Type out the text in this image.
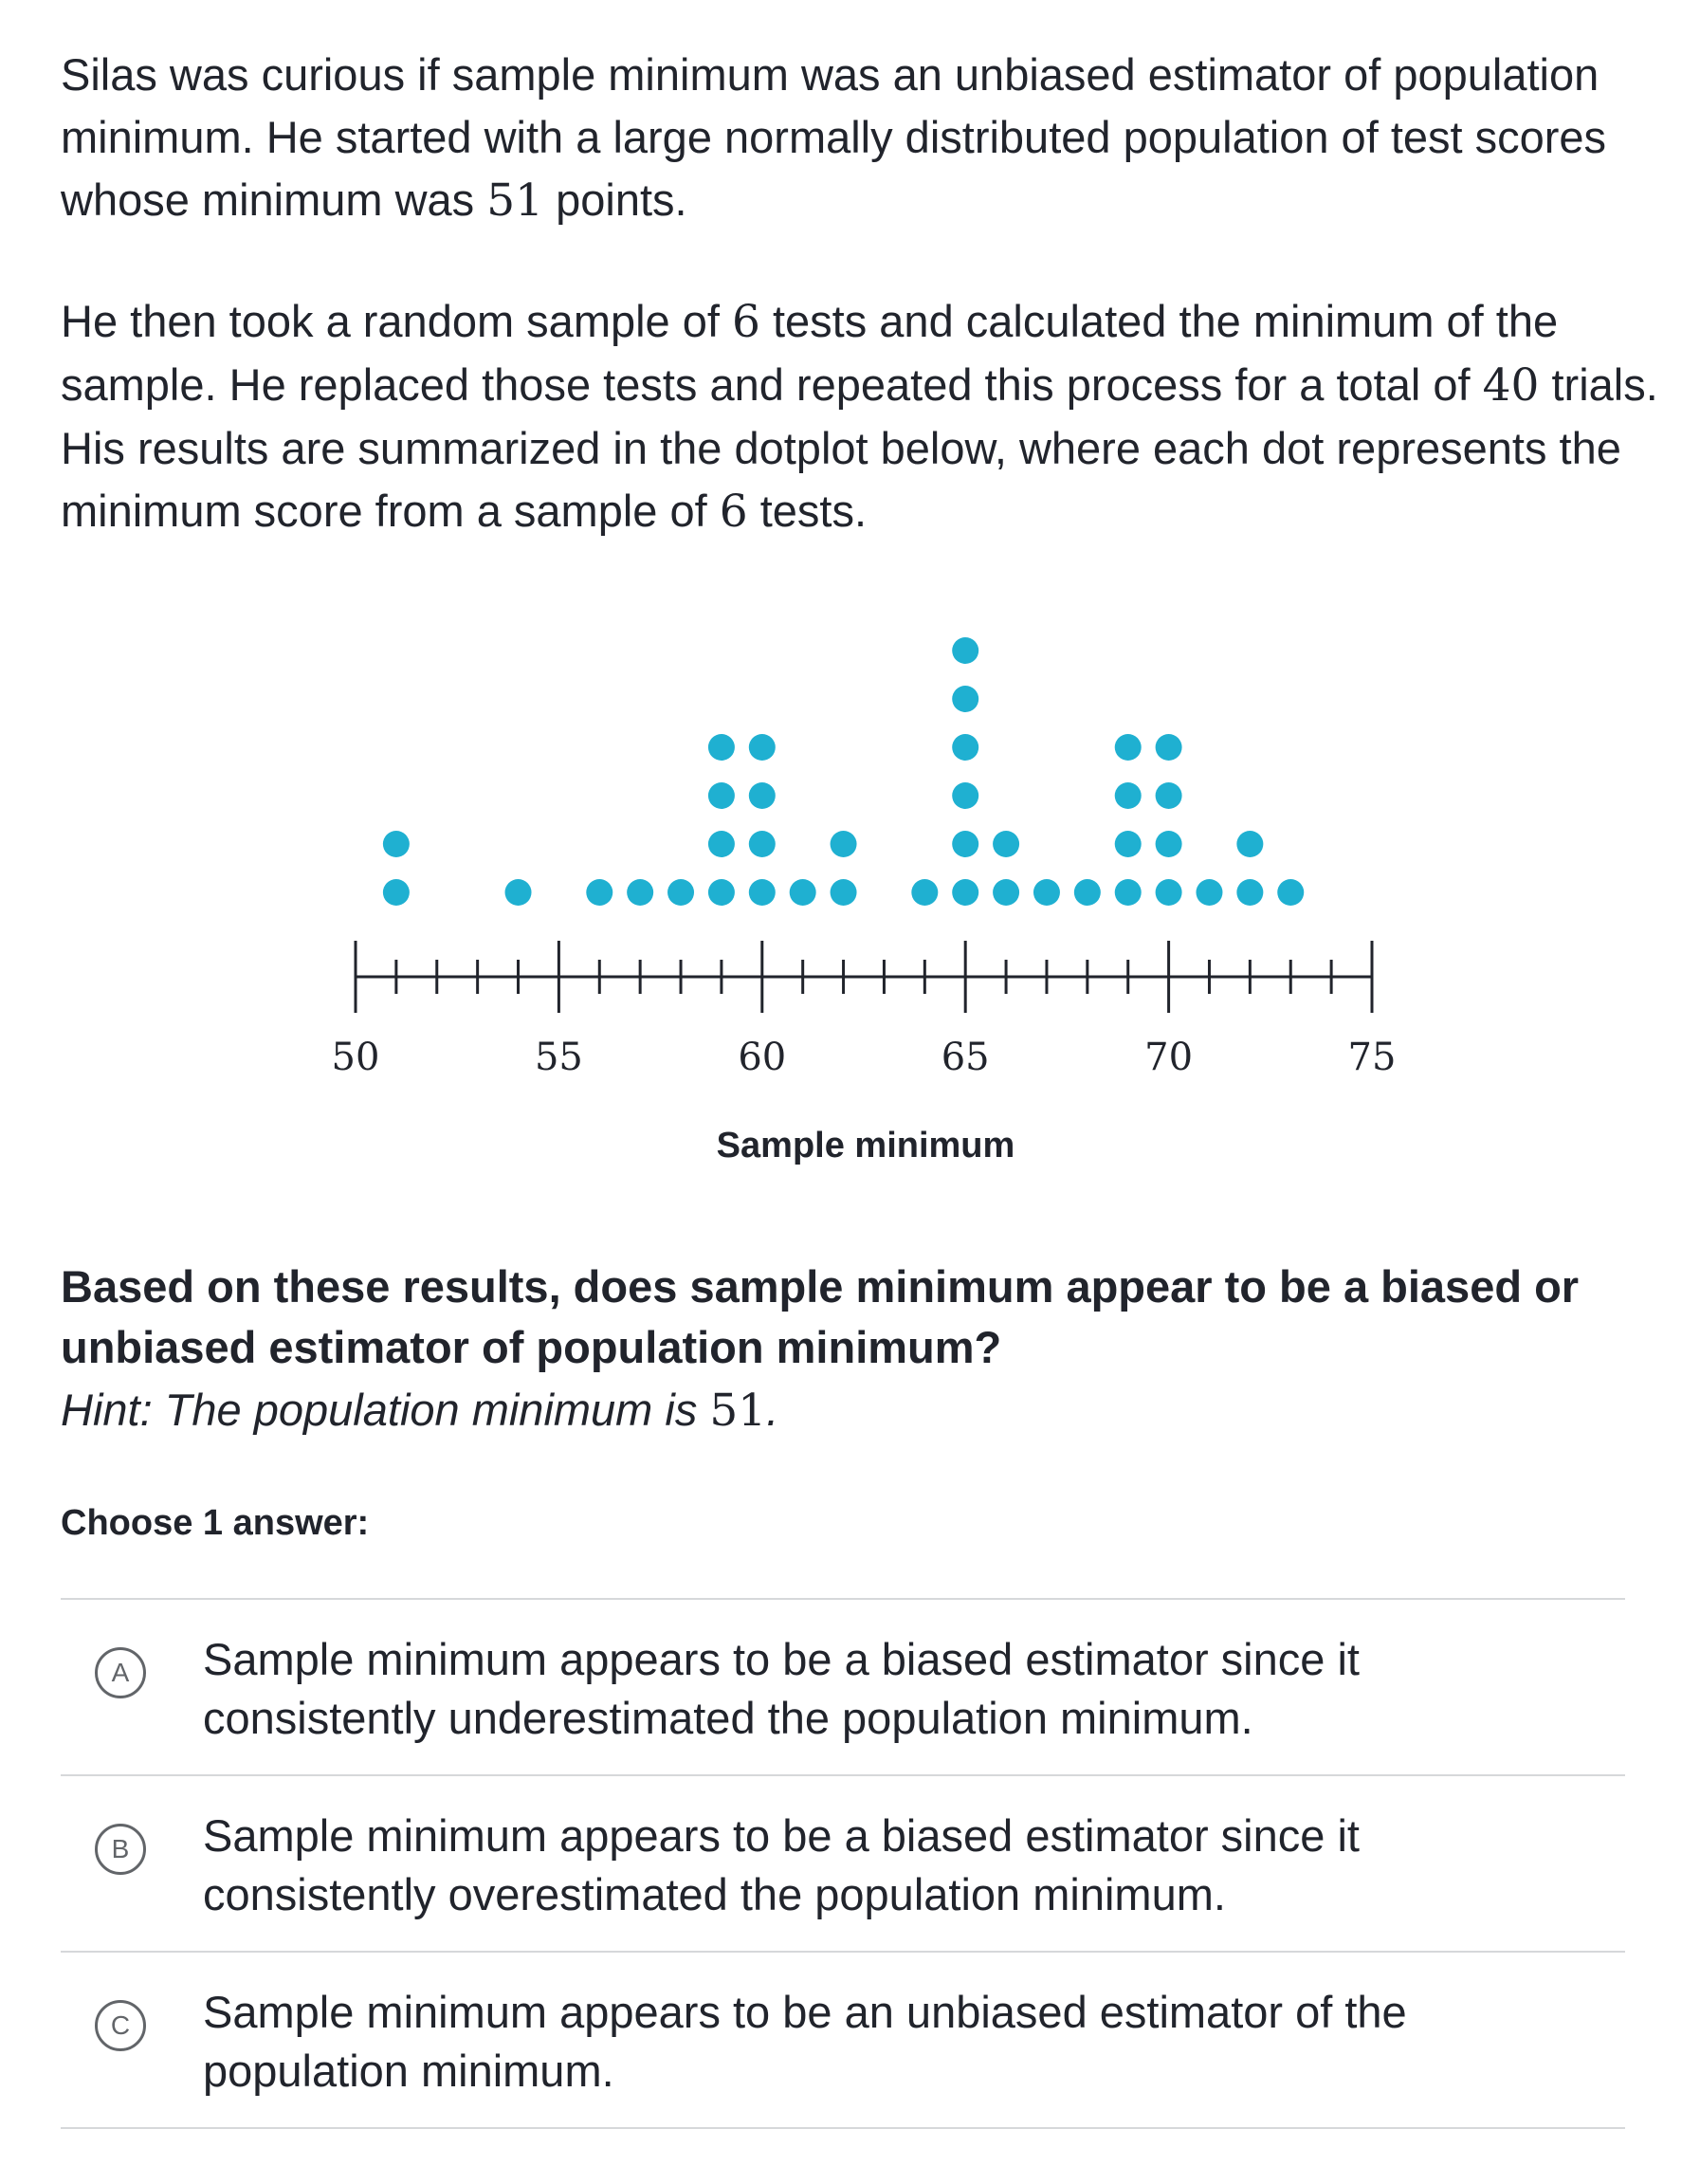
Silas was curious if sample minimum was an unbiased estimator of population minimum. He started with a large normally distributed population of test scores whose minimum was 51 points.

He then took a random sample of 6 tests and calculated the minimum of the sample. He replaced those tests and repeated this process for a total of 40 trials. His results are summarized in the dotplot below, where each dot represents the minimum score from a sample of 6 tests.

50	55	60	65	70	75
Sample minimum

Based on these results, does sample minimum appear to be a biased or unbiased estimator of population minimum?

Hint: The population minimum is 51.

Choose 1 answer:

A	Sample minimum appears to be a biased estimator since it consistently underestimated the population minimum.
B	Sample minimum appears to be a biased estimator since it consistently overestimated the population minimum.
C	Sample minimum appears to be an unbiased estimator of the population minimum.
